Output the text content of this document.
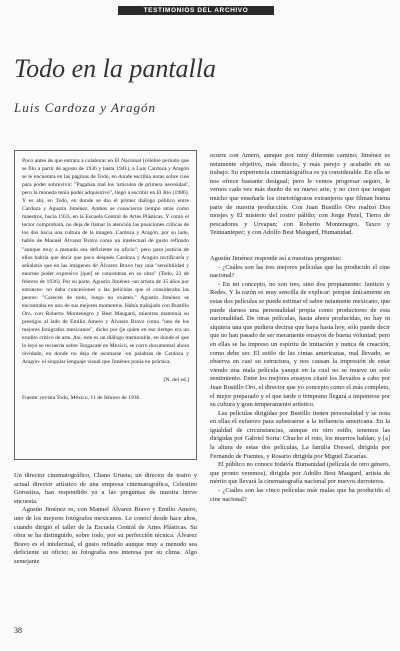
TESTIMONIOS DEL ARCHIVO
Todo en la pantalla
Luis Cardoza y Aragón

Poco antes de que entrara a colaborar en El Nacional (célebre período que se filo a partir de agosto de 1936 y hasta 1941), a Luis Cardoza y Aragón se le encuentra en las páginas de Todo, en donde escribía notas sobre cine para poder sobrevivir: "Pagaban mal los 'artículos de primera necesidad', pero la moneda tenía poder adquisitivo", llegó a escribir en El Río (1986). Y es ahí, en Todo, en donde se dio el primer diálogo público entre Cardoza y Agustín Jiménez. Ambos se conocieron tiempo atrás como maestros, hacia 1933, en la Escuela Central de Artes Plásticas. Y como el lector comprobará, no deja de llamar la atención las posiciones críticas de los dos hacia una cultura de la imagen. Cardoza y Aragón, por su lado, hablo de Manuel Álvarez Bravo como un intelectual de gusto refinado "aunque muy a menudo sea deficiente su oficio"; pero para justicia de ellos habría que decir que poco después Cardoza y Aragón rectificaría y señalaría que en las imágenes de Álvarez Bravo hay una "sensibilidad y enorme poder expresivo [que] se concentran en su obra" (Todo, 23 de febrero de 1936). Por su parte, Agustín Jiménez -un artista de 35 años por entonces- no daba concesiones a las películas que el consideraba las peores: "Carecen de todo, luego no existen." Agustín Jiménez se encontraba en uno de sus mejores momentos. Había trabajado con Bustillo Oro, con Roberto Montenegro y Best Maugard, mientras mantenía su prestigio al lado de Emilio Amero y Álvarez Bravo como "uno de los mejores fotógrafos mexicanos", dicho por (je quien en ese tiempo era un erudito crítico de arte. Así, este es un diálogo memorable, en donde el que lo leyó se recuerda sobre Tezgacate en Mexico, se corro documental ahora olvidado, en donde no deja de asomarse -en palabras de Cardoza y Aragón- el singular lenguaje visual que Jiménez ponía en práctica.

[N. del ed.]

Fuente: revista Todo, México, 11 de febrero de 1936.

Un director cinematográfico, Chano Urueta; un director de teatro y actual director artístico de una empresa cinematográfica, Celestino Gorostiza, han respondido ya a las preguntas de nuestra breve encuesta.

Agustín Jiménez es, con Manuel Álvarez Bravo y Emilio Amero, uno de los mejores fotógrafos mexicanos. Le conocí desde hace años, cuando dirigió el taller de la Escuela Central de Artes Plásticas. Su obra se ha distinguido, sobre todo, por su perfección técnica. Álvarez Bravo es el intelectual, el gusto refinado aunque muy a menudo sea deficiente su oficio; su fotografía nos interesa por su clima. Algo semejante

ocurre con Amero, aunque por muy diferente camino; Jiménez es netamente objetivo, más directo, y más parejo y acabado en su trabajo. Su experiencia cinematográfica es ya considerable. En ella se nos ofrece bastante desigual; pero le vemos progresar seguro, le vemos cada vez más dueño de su nuevo arte, y no creo que tengan mucho que enseñarle los cinetotógratos extranjeros que filman buena parte de nuestra producción. Con Juan Bustillo Oro realizó Dos mosjes y El misterio del rostro pálido; con Jorge Pezel, Tierra de pescadores y Urvapan; con Roberto Montenegro, Taxco y Teinuantepec; y con Adolfo Best Maugard, Humanidad.

Agustín Jiménez responde así a nuestras preguntas:

- ¿Cuáles son las tres mejores películas que ha producido el cine nacional?

- En mi concepto, no son tres, sino dos propiamente: Janitzio y Redes. Y la razón es muy sencilla de explicar: porque únicamente en estas dos películas se puede estimar el sabor netamente mexicano, que puede darnos una personalidad propia como productores de esta nacionalidad. De otras películas, hasta ahora producidas, no hay ni siquiera una que pudiera decirse que haya hasta hoy, sólo puede decir que no han pasado de ser meramente ensayos de buena voluntad; pero en ellas se ha impreso un espíritu de imitación y nunca de creación, como debe ser. El estilo de las cintas americanas, mal llevado, se observa en casi su estructura, y nos causan la impresión de estar viendo una mala película yanqui en la cual no se mueve un solo sentimiento. Entre los mejores ensayos citaré los llevados a cabo por Juan Bustillo Oro, el director que yo concepto como el más completo, el mejor preparado y el que tarde o temprano llegará a imponerse por su cultura y gran temperamento artístico.

Las películas dirigidas por Bustillo tienen personalidad y se nota en ellas el esfuerzo para substraerse a la influencia americana. En la igualdad de circunstancias, aunque en otro estilo, tenemos las dirigidas por Gabriel Soria: Chucho el roto, los muertos hablan; y [a] la altura de estas dos películas, La familia Dressel, dirigida por Fernando de Fuentes, y Rosario dirigida por Miguel Zacarías.

El público no conoce todavía Humanidad (película de otro género, que pronto veremos), dirigida por Adolfo Best Maugard, artista de mérito que llevará la cinematografía nacional por nuevos derroteros.

- ¿Cuáles son las cinco películas más malas que ha producido el cine nacional?

38
